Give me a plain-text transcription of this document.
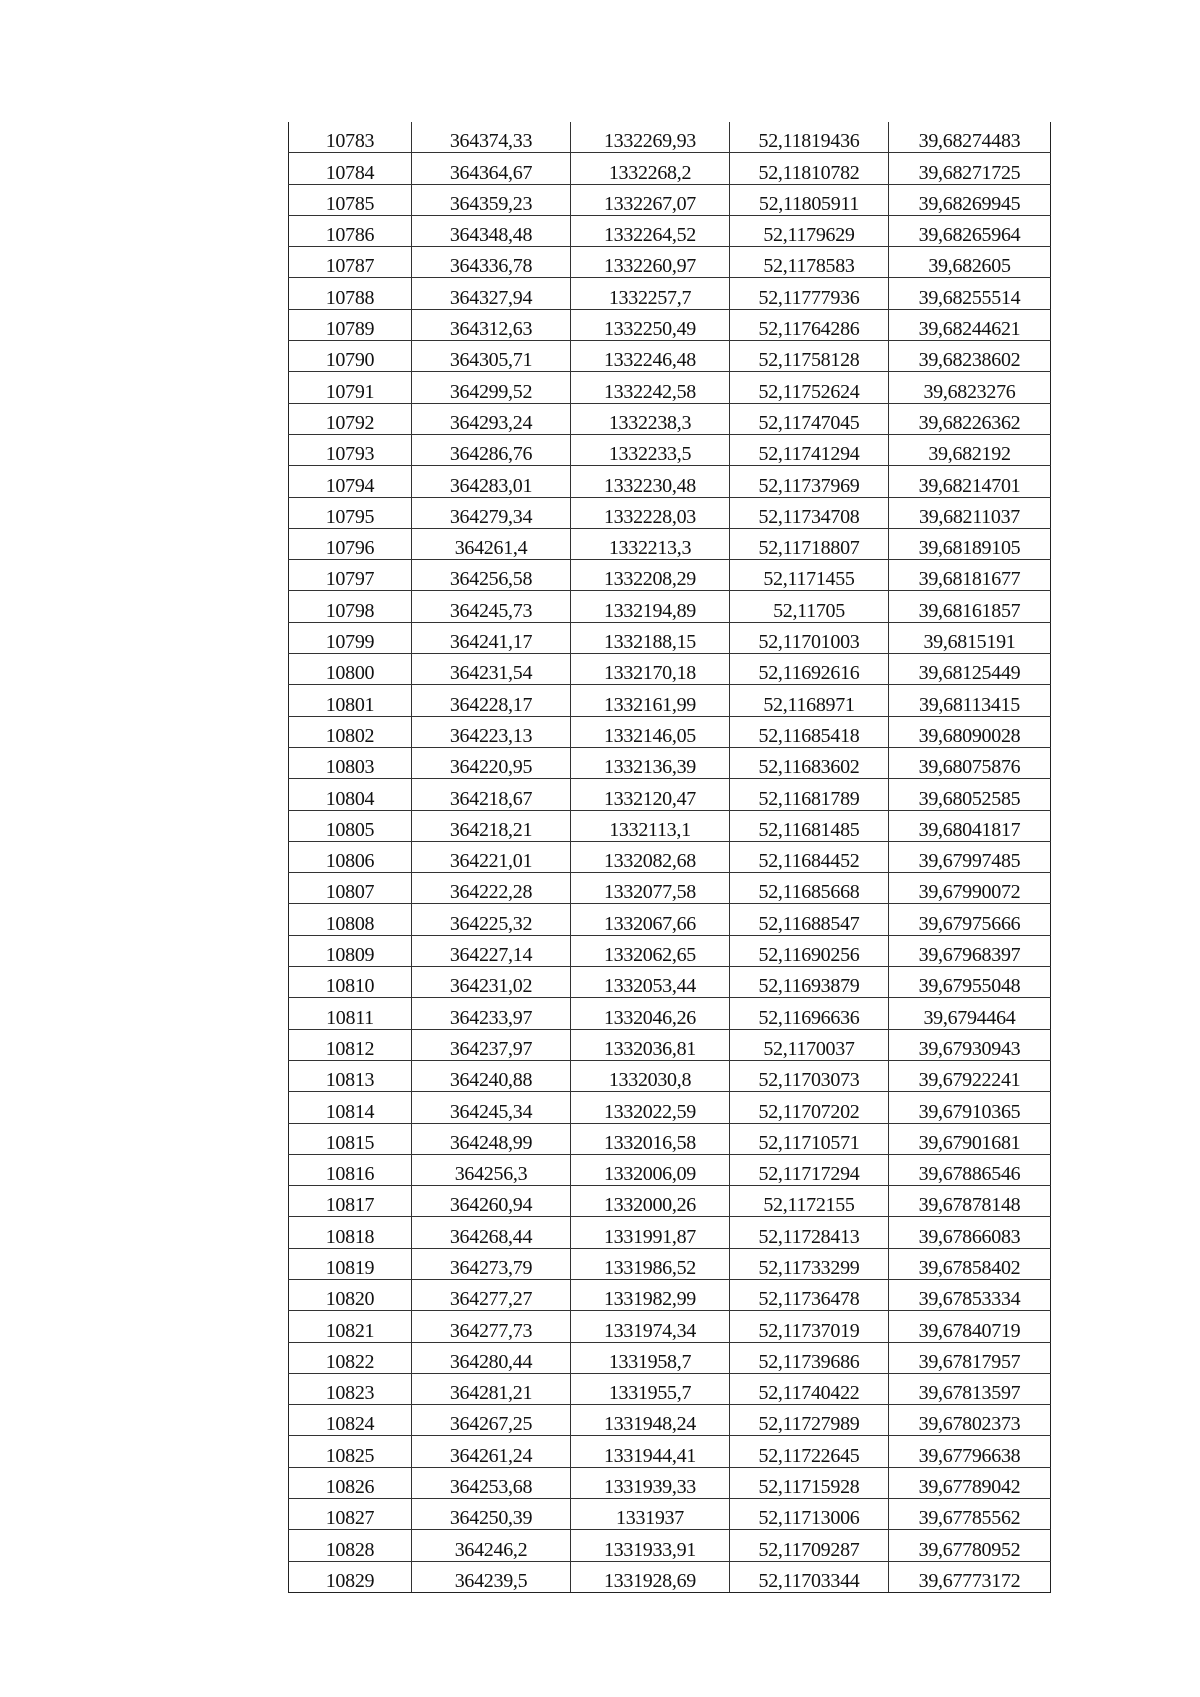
10783	364374,33	1332269,93	52,11819436	39,68274483
10784	364364,67	1332268,2	52,11810782	39,68271725
10785	364359,23	1332267,07	52,11805911	39,68269945
10786	364348,48	1332264,52	52,1179629	39,68265964
10787	364336,78	1332260,97	52,1178583	39,682605
10788	364327,94	1332257,7	52,11777936	39,68255514
10789	364312,63	1332250,49	52,11764286	39,68244621
10790	364305,71	1332246,48	52,11758128	39,68238602
10791	364299,52	1332242,58	52,11752624	39,6823276
10792	364293,24	1332238,3	52,11747045	39,68226362
10793	364286,76	1332233,5	52,11741294	39,682192
10794	364283,01	1332230,48	52,11737969	39,68214701
10795	364279,34	1332228,03	52,11734708	39,68211037
10796	364261,4	1332213,3	52,11718807	39,68189105
10797	364256,58	1332208,29	52,1171455	39,68181677
10798	364245,73	1332194,89	52,11705	39,68161857
10799	364241,17	1332188,15	52,11701003	39,6815191
10800	364231,54	1332170,18	52,11692616	39,68125449
10801	364228,17	1332161,99	52,1168971	39,68113415
10802	364223,13	1332146,05	52,11685418	39,68090028
10803	364220,95	1332136,39	52,11683602	39,68075876
10804	364218,67	1332120,47	52,11681789	39,68052585
10805	364218,21	1332113,1	52,11681485	39,68041817
10806	364221,01	1332082,68	52,11684452	39,67997485
10807	364222,28	1332077,58	52,11685668	39,67990072
10808	364225,32	1332067,66	52,11688547	39,67975666
10809	364227,14	1332062,65	52,11690256	39,67968397
10810	364231,02	1332053,44	52,11693879	39,67955048
10811	364233,97	1332046,26	52,11696636	39,6794464
10812	364237,97	1332036,81	52,1170037	39,67930943
10813	364240,88	1332030,8	52,11703073	39,67922241
10814	364245,34	1332022,59	52,11707202	39,67910365
10815	364248,99	1332016,58	52,11710571	39,67901681
10816	364256,3	1332006,09	52,11717294	39,67886546
10817	364260,94	1332000,26	52,1172155	39,67878148
10818	364268,44	1331991,87	52,11728413	39,67866083
10819	364273,79	1331986,52	52,11733299	39,67858402
10820	364277,27	1331982,99	52,11736478	39,67853334
10821	364277,73	1331974,34	52,11737019	39,67840719
10822	364280,44	1331958,7	52,11739686	39,67817957
10823	364281,21	1331955,7	52,11740422	39,67813597
10824	364267,25	1331948,24	52,11727989	39,67802373
10825	364261,24	1331944,41	52,11722645	39,67796638
10826	364253,68	1331939,33	52,11715928	39,67789042
10827	364250,39	1331937	52,11713006	39,67785562
10828	364246,2	1331933,91	52,11709287	39,67780952
10829	364239,5	1331928,69	52,11703344	39,67773172
